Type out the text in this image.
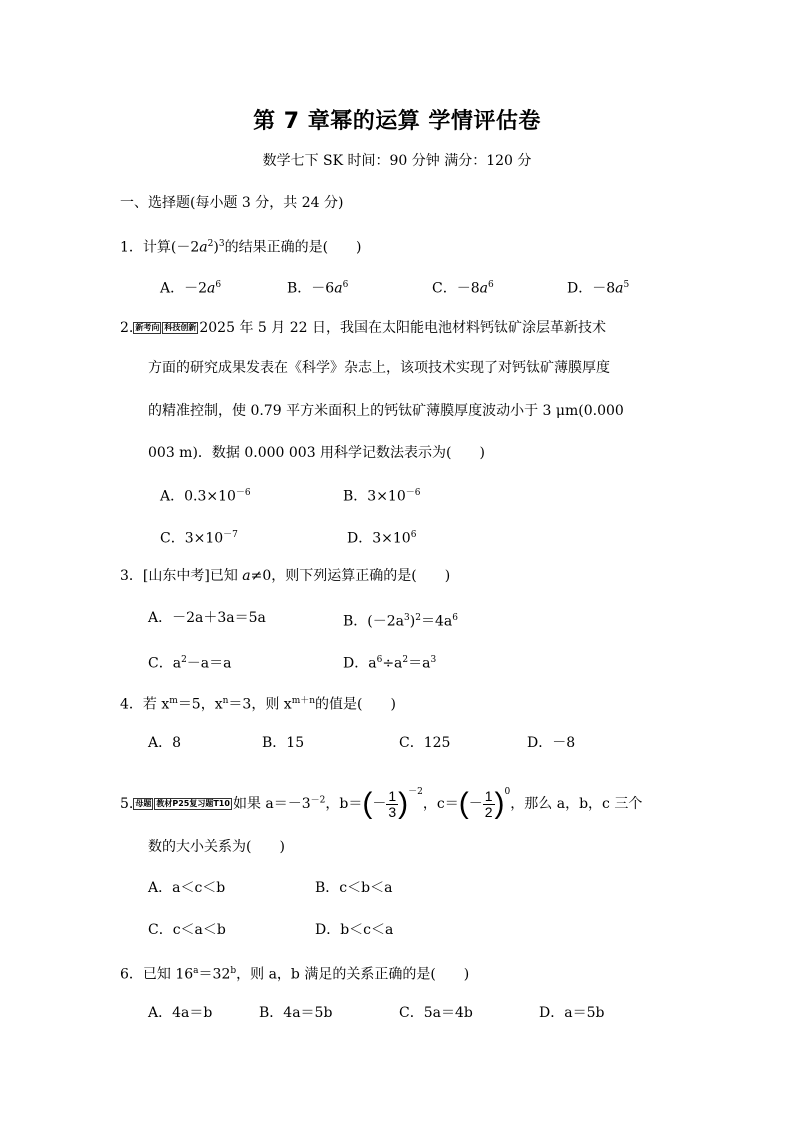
第 7 章幂的运算 学情评估卷
数学七下 SK 时间：90 分钟 满分：120 分
一、选择题(每小题 3 分，共 24 分)
1．计算$(-2a^2)^3$的结果正确的是(　　)
A．$-2a^6$	B．$-6a^6$	C．$-8a^6$	D．$-8a^5$
2. 新考向 科技创新 2025 年 5 月 22 日，我国在太阳能电池材料钙钛矿涂层革新技术
方面的研究成果发表在《科学》杂志上，该项技术实现了对钙钛矿薄膜厚度
的精准控制，使 0.79 平方米面积上的钙钛矿薄膜厚度波动小于 3 μm(0.000
003 m)．数据 0.000 003 用科学记数法表示为(　　)
A．$0.3\times 10^{-6}$	B．$3\times 10^{-6}$
C．$3\times 10^{-7}$	D．$3\times 10^6$
3．[山东中考]已知 a≠0，则下列运算正确的是(　　)
A．－2a＋3a＝5a	B．$(-2a^3)^2=4a^6$
C．$a^2-a=a$	D．$a^6\div a^2=a^3$
4．若 $x^m=5$，$x^n=3$，则 $x^{m+n}$的值是(　　)
A．8	B．15	C．125	D．－8
5. 母题 教材P25复习题T10 如果 $a=-3^{-2}$，$b=(- \frac{1}{3} )^{-2}$，$c=(- \frac{1}{2} )^0$，那么 a，b，c 三个
数的大小关系为(　　)
A．a＜c＜b	B．c＜b＜a
C．c＜a＜b	D．b＜c＜a
6．已知 $16^a=32^b$，则 a，b 满足的关系正确的是(　　)
A．4a＝b	B．4a＝5b	C．5a＝4b	D．a＝5b
